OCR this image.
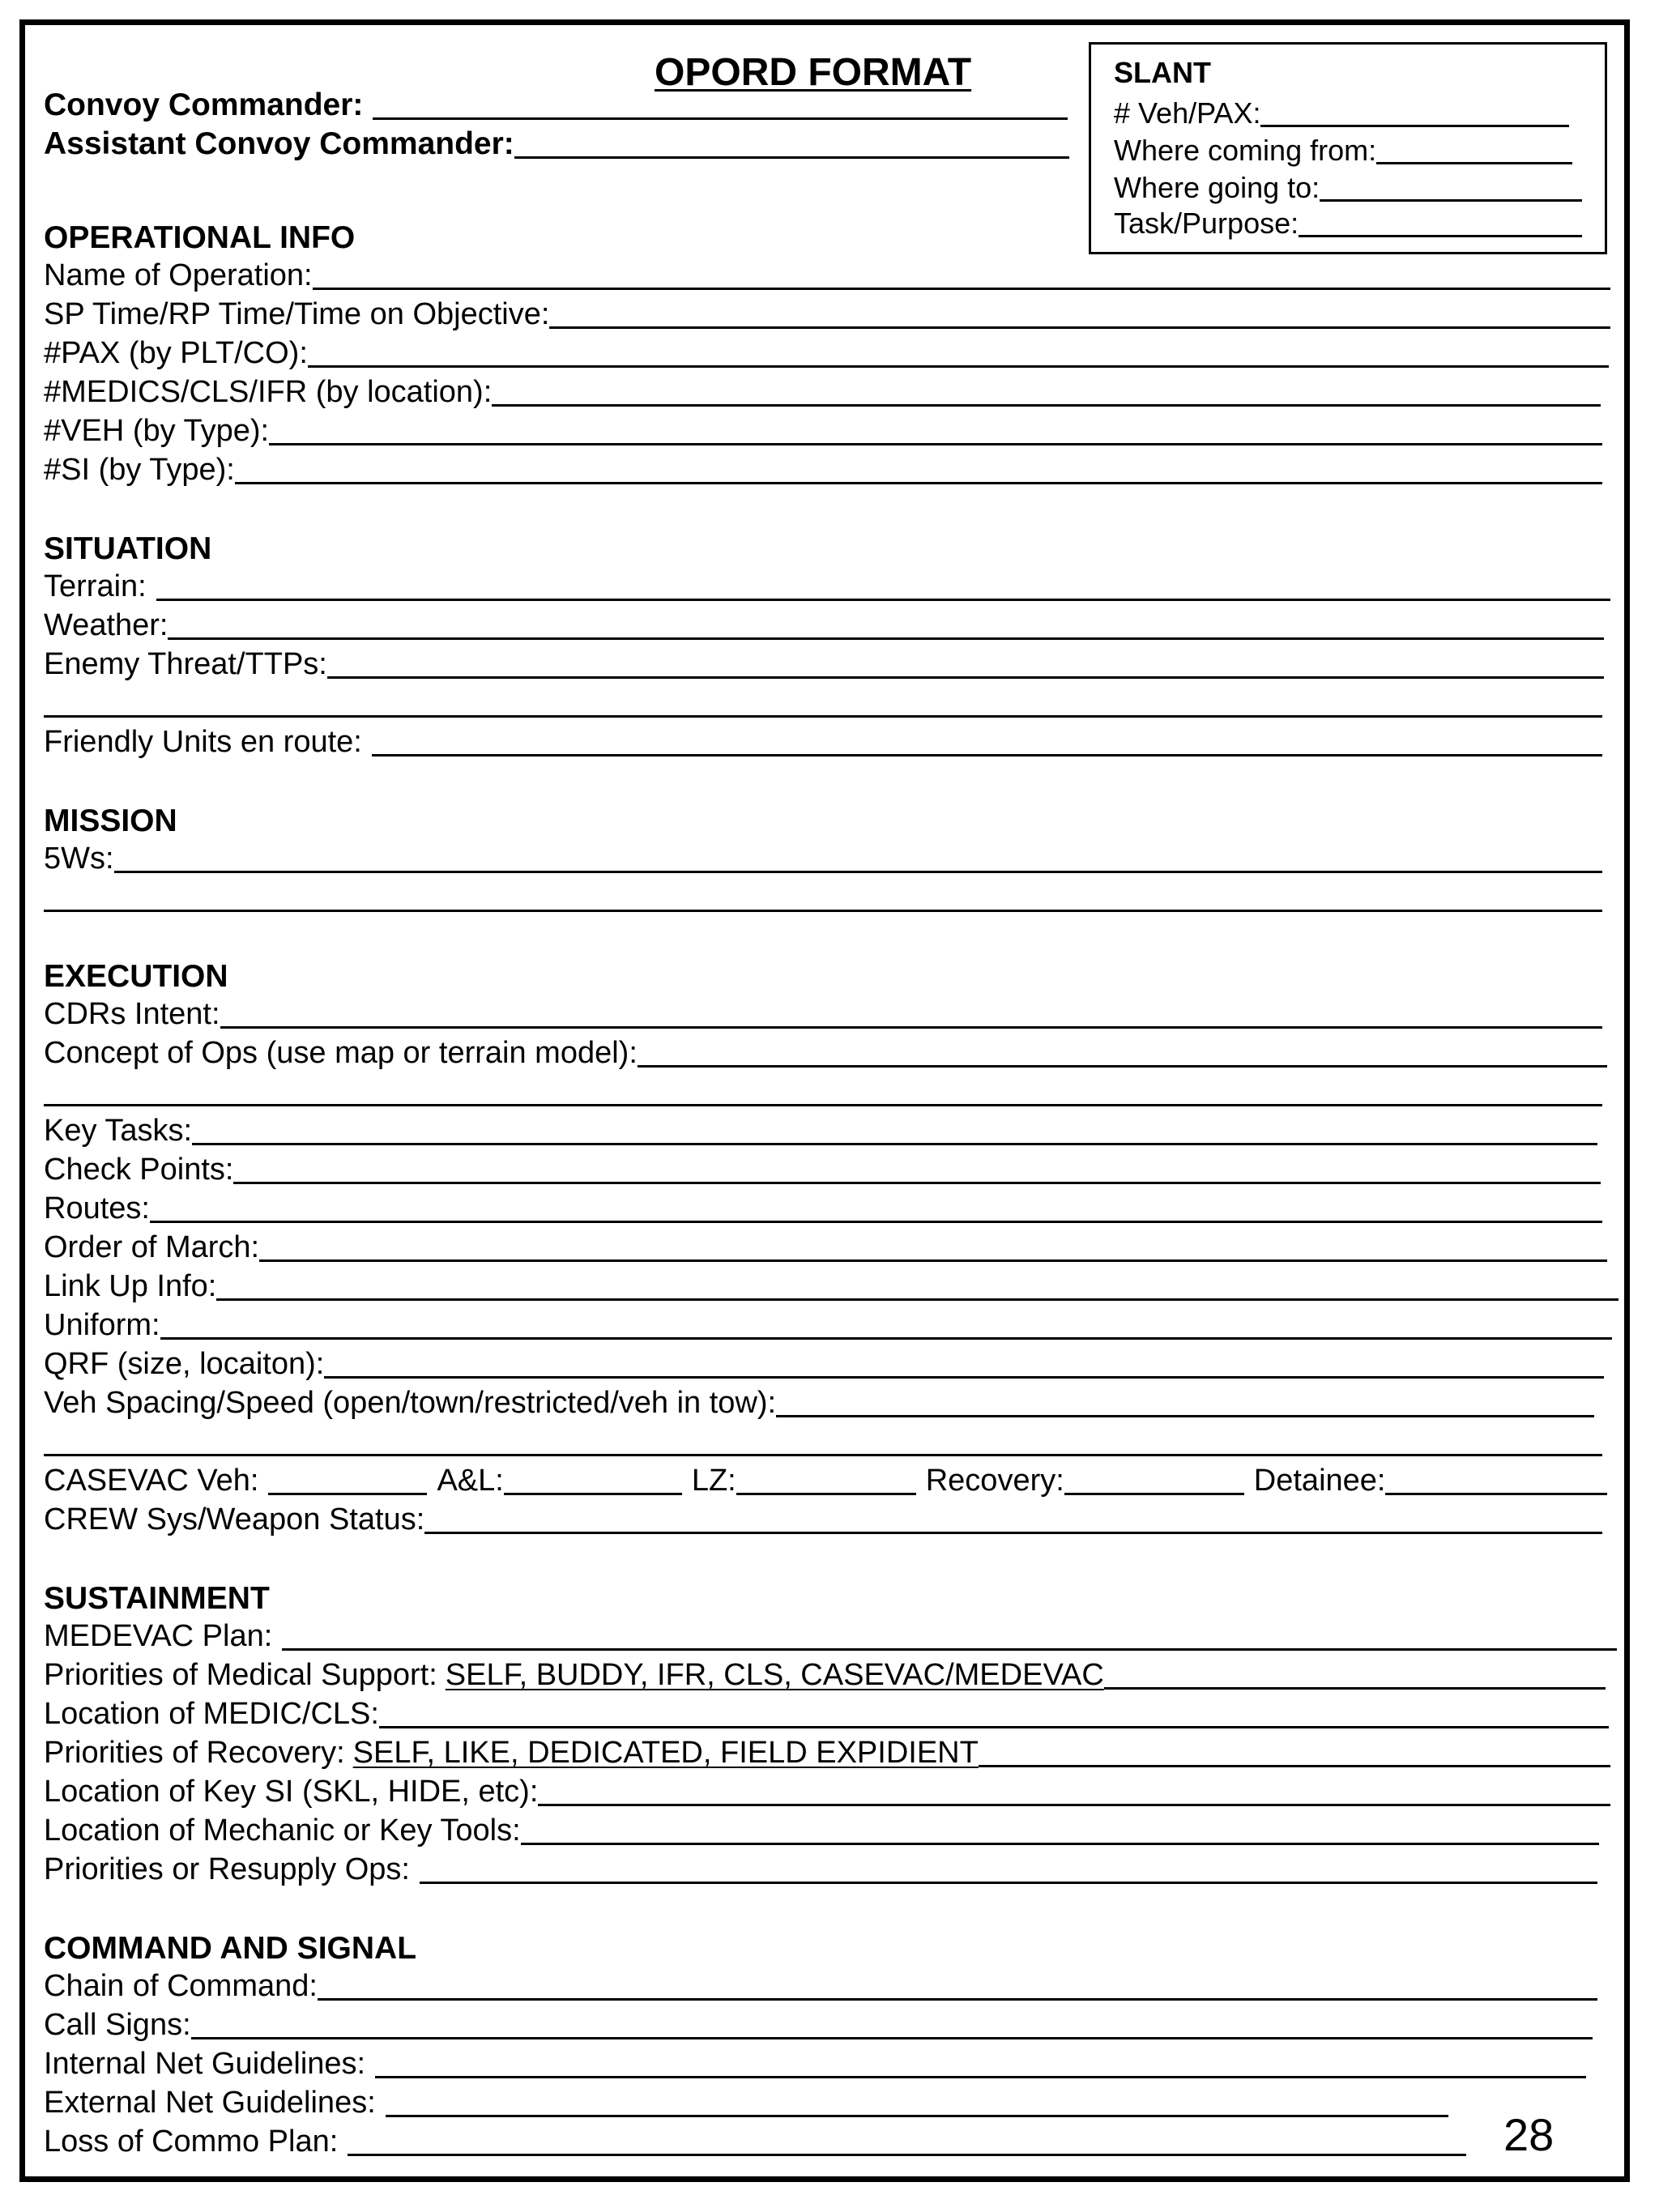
OPORD FORMAT
Convoy Commander:
Assistant Convoy Commander:
SLANT
# Veh/PAX:
Where coming from:
Where going to:
Task/Purpose:
OPERATIONAL INFO
Name of Operation:
SP Time/RP Time/Time on Objective:
#PAX (by PLT/CO):
#MEDICS/CLS/IFR (by location):
#VEH (by Type):
#SI (by Type):
SITUATION
Terrain:
Weather:
Enemy Threat/TTPs:
Friendly Units en route:
MISSION
5Ws:
EXECUTION
CDRs Intent:
Concept of Ops (use map or terrain model):
Key Tasks:
Check Points:
Routes:
Order of March:
Link Up Info:
Uniform:
QRF (size, locaiton):
Veh Spacing/Speed (open/town/restricted/veh in tow):
CASEVAC Veh:	A&L:	LZ:	Recovery:	Detainee:
CREW Sys/Weapon Status:
SUSTAINMENT
MEDEVAC Plan:
Priorities of Medical Support: SELF, BUDDY, IFR, CLS, CASEVAC/MEDEVAC
Location of MEDIC/CLS:
Priorities of Recovery: SELF, LIKE, DEDICATED, FIELD EXPIDIENT
Location of Key SI (SKL, HIDE, etc):
Location of Mechanic or Key Tools:
Priorities or Resupply Ops:
COMMAND AND SIGNAL
Chain of Command:
Call Signs:
Internal Net Guidelines:
External Net Guidelines:
Loss of Commo Plan:	28
